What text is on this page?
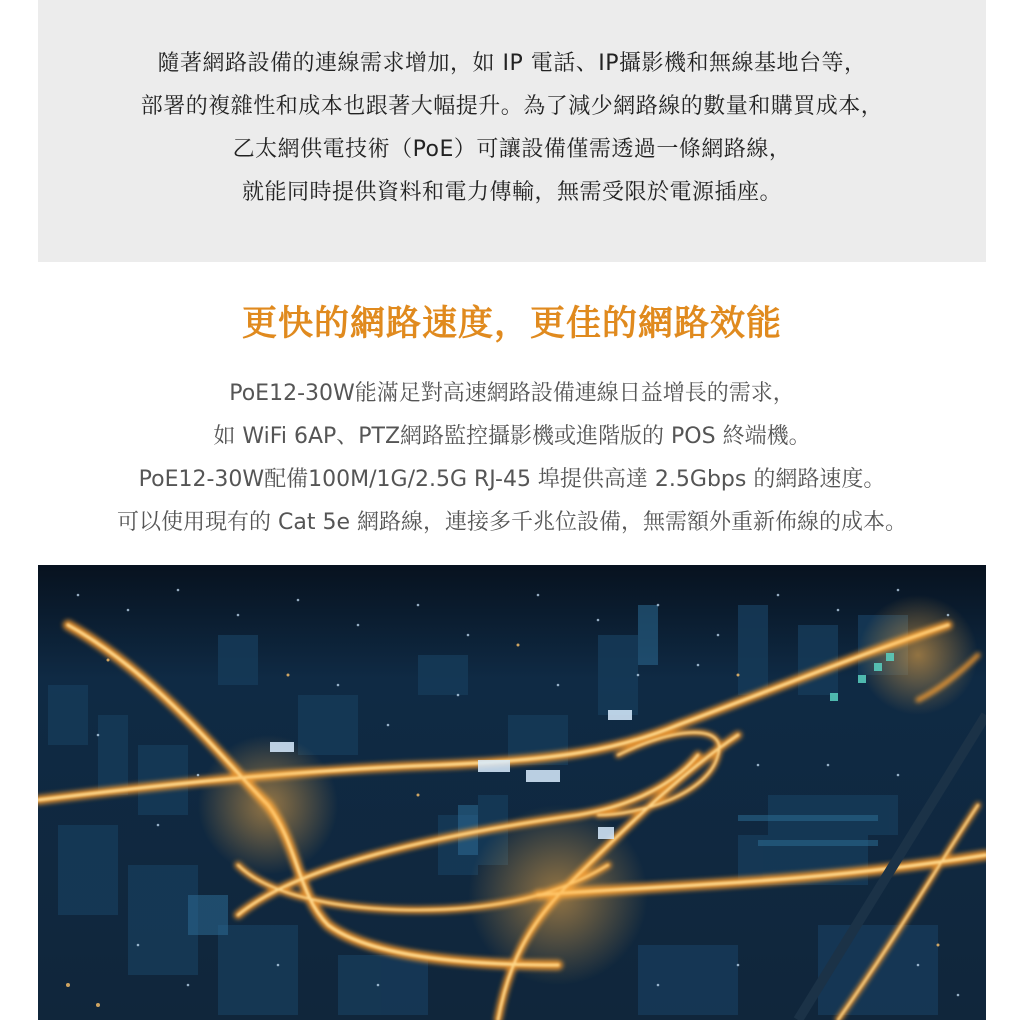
隨著網路設備的連線需求增加，如 IP 電話、IP攝影機和無線基地台等，
部署的複雜性和成本也跟著大幅提升。為了減少網路線的數量和購買成本，
乙太網供電技術（PoE）可讓設備僅需透過一條網路線，
就能同時提供資料和電力傳輸，無需受限於電源插座。
更快的網路速度，更佳的網路效能
PoE12-30W能滿足對高速網路設備連線日益增長的需求，
如 WiFi 6AP、PTZ網路監控攝影機或進階版的 POS 終端機。
PoE12-30W配備100M/1G/2.5G RJ-45 埠提供高達 2.5Gbps 的網路速度。
可以使用現有的 Cat 5e 網路線，連接多千兆位設備，無需額外重新佈線的成本。
